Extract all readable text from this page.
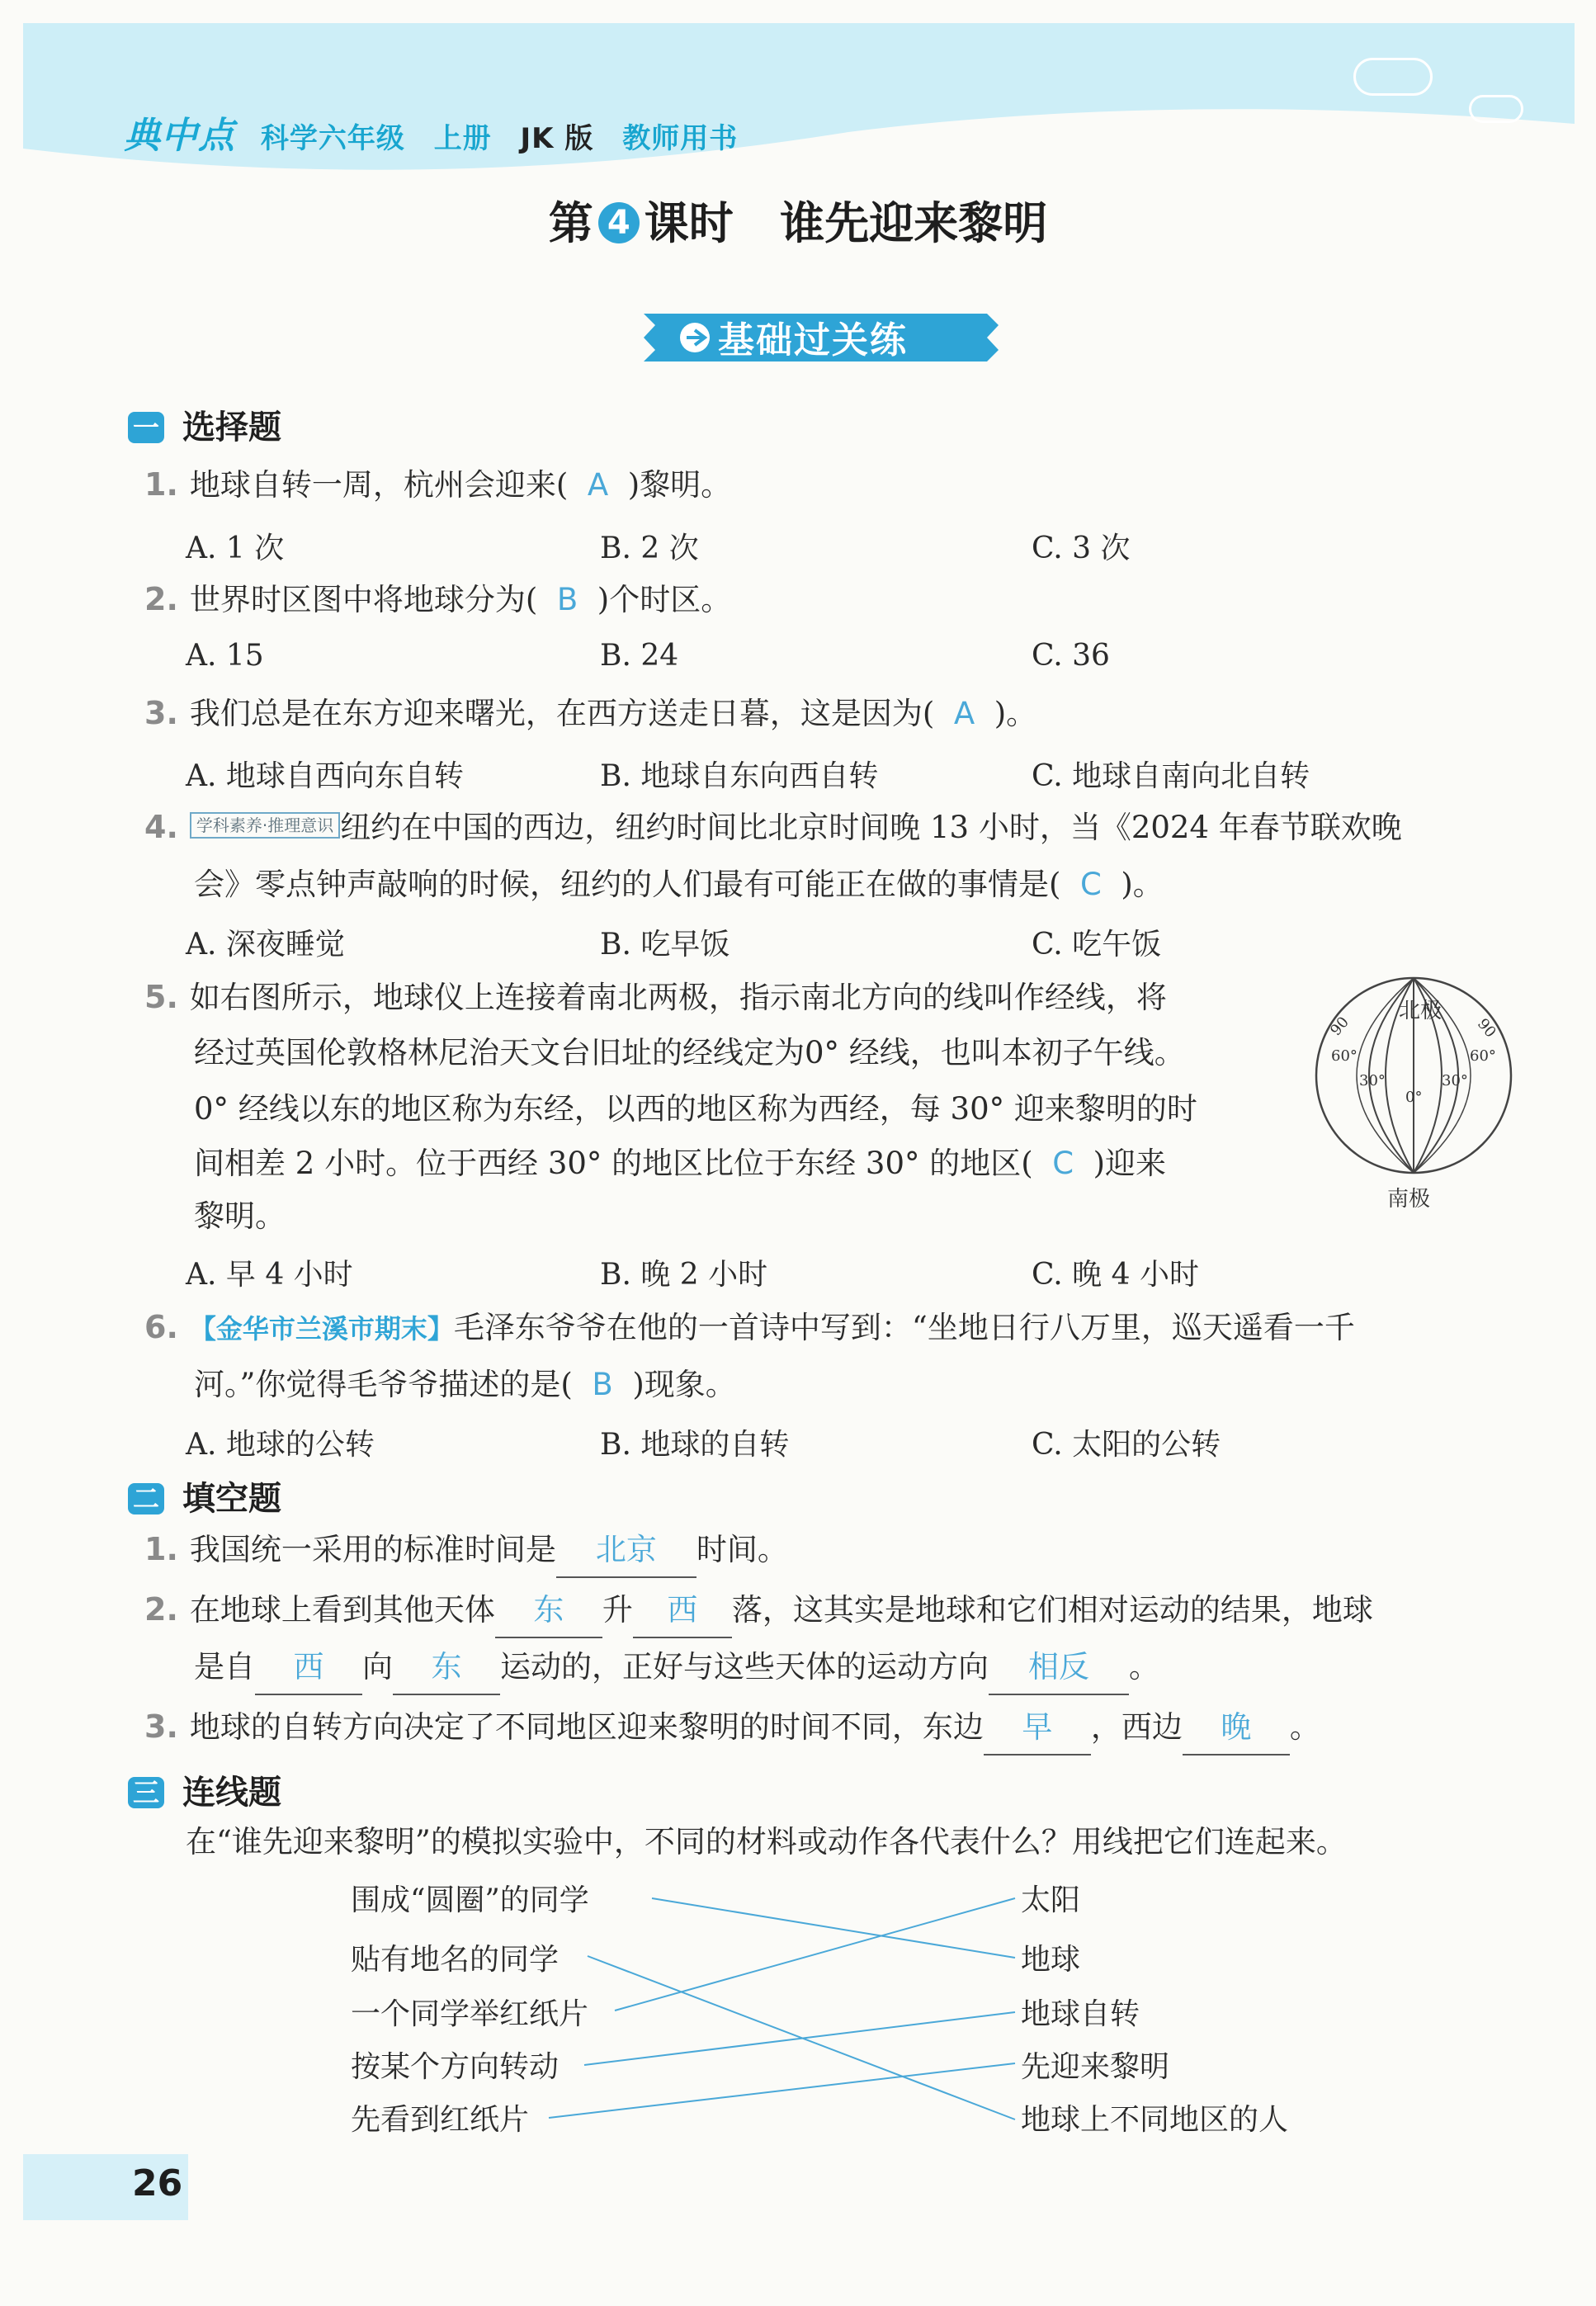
典中点 科学六年级 上册 JK 版 教师用书
第 4 课时 谁先迎来黎明
基础过关练
一 选择题
1. 地球自转一周，杭州会迎来( A )黎明。
A. 1 次	B. 2 次	C. 3 次
2. 世界时区图中将地球分为( B )个时区。
A. 15	B. 24	C. 36
3. 我们总是在东方迎来曙光，在西方送走日暮，这是因为( A )。
A. 地球自西向东自转	B. 地球自东向西自转	C. 地球自南向北自转
4. 学科素养·推理意识 纽约在中国的西边，纽约时间比北京时间晚 13 小时，当《2024 年春节联欢晚
会》零点钟声敲响的时候，纽约的人们最有可能正在做的事情是( C )。
A. 深夜睡觉	B. 吃早饭	C. 吃午饭
5. 如右图所示，地球仪上连接着南北两极，指示南北方向的线叫作经线，将
经过英国伦敦格林尼治天文台旧址的经线定为0° 经线，也叫本初子午线。
0° 经线以东的地区称为东经，以西的地区称为西经，每 30° 迎来黎明的时
间相差 2 小时。位于西经 30° 的地区比位于东经 30° 的地区( C )迎来
黎明。
A. 早 4 小时	B. 晚 2 小时	C. 晚 4 小时
北极
90
60°
30°
0°
30°
60°
90
南极
6. 【金华市兰溪市期末】毛泽东爷爷在他的一首诗中写到：“坐地日行八万里，巡天遥看一千
河。”你觉得毛爷爷描述的是( B )现象。
A. 地球的公转	B. 地球的自转	C. 太阳的公转
二 填空题
1. 我国统一采用的标准时间是 北京 时间。
2. 在地球上看到其他天体 东 升 西 落，这其实是地球和它们相对运动的结果，地球
是自 西 向 东 运动的，正好与这些天体的运动方向 相反 。
3. 地球的自转方向决定了不同地区迎来黎明的时间不同，东边 早 ，西边 晚 。
三 连线题
在“谁先迎来黎明”的模拟实验中，不同的材料或动作各代表什么？用线把它们连起来。
围成“圆圈”的同学
贴有地名的同学
一个同学举红纸片
按某个方向转动
先看到红纸片
太阳
地球
地球自转
先迎来黎明
地球上不同地区的人
26
